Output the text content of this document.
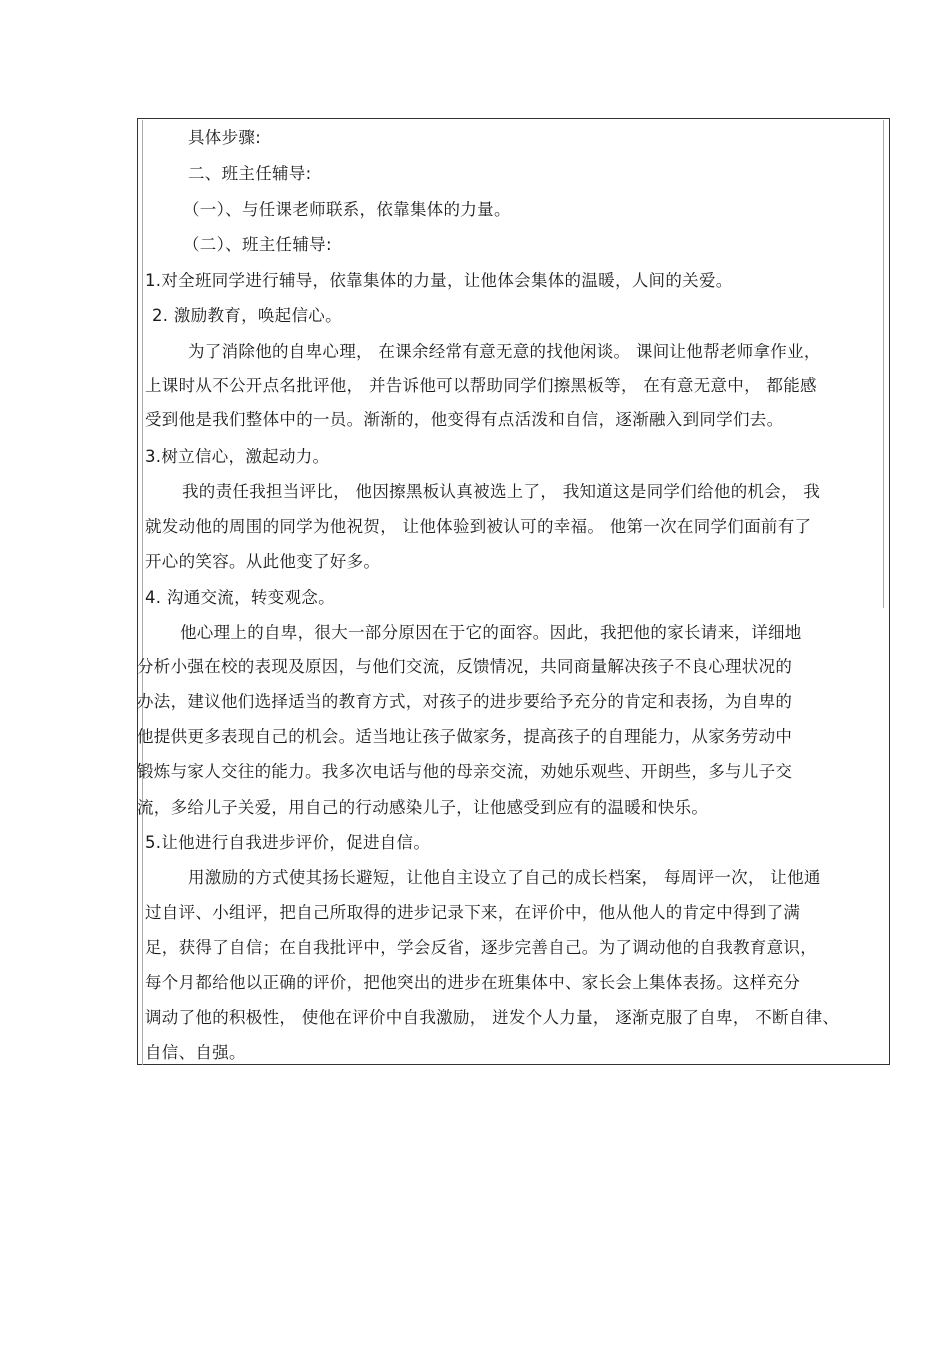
具体步骤:
二、班主任辅导:
（一）、与任课老师联系，依靠集体的力量。
（二）、班主任辅导:
1.对全班同学进行辅导，依靠集体的力量，让他体会集体的温暖，人间的关爱。
2. 激励教育，唤起信心。
为了消除他的自卑心理， 在课余经常有意无意的找他闲谈。 课间让他帮老师拿作业，
上课时从不公开点名批评他， 并告诉他可以帮助同学们擦黑板等， 在有意无意中， 都能感
受到他是我们整体中的一员。渐渐的，他变得有点活泼和自信，逐渐融入到同学们去。
3.树立信心，激起动力。
我的责任我担当评比， 他因擦黑板认真被选上了， 我知道这是同学们给他的机会， 我
就发动他的周围的同学为他祝贺， 让他体验到被认可的幸福。 他第一次在同学们面前有了
开心的笑容。从此他变了好多。
4. 沟通交流，转变观念。
他心理上的自卑，很大一部分原因在于它的面容。因此，我把他的家长请来，详细地
分析小强在校的表现及原因，与他们交流，反馈情况，共同商量解决孩子不良心理状况的
办法，建议他们选择适当的教育方式，对孩子的进步要给予充分的肯定和表扬，为自卑的
他提供更多表现自己的机会。适当地让孩子做家务，提高孩子的自理能力，从家务劳动中
锻炼与家人交往的能力。我多次电话与他的母亲交流，劝她乐观些、开朗些，多与儿子交
流，多给儿子关爱，用自己的行动感染儿子，让他感受到应有的温暖和快乐。
5.让他进行自我进步评价，促进自信。
用激励的方式使其扬长避短，让他自主设立了自己的成长档案， 每周评一次， 让他通
过自评、小组评，把自己所取得的进步记录下来，在评价中，他从他人的肯定中得到了满
足，获得了自信；在自我批评中，学会反省，逐步完善自己。为了调动他的自我教育意识，
每个月都给他以正确的评价，把他突出的进步在班集体中、家长会上集体表扬。这样充分
调动了他的积极性， 使他在评价中自我激励， 迸发个人力量， 逐渐克服了自卑， 不断自律、
自信、自强。
